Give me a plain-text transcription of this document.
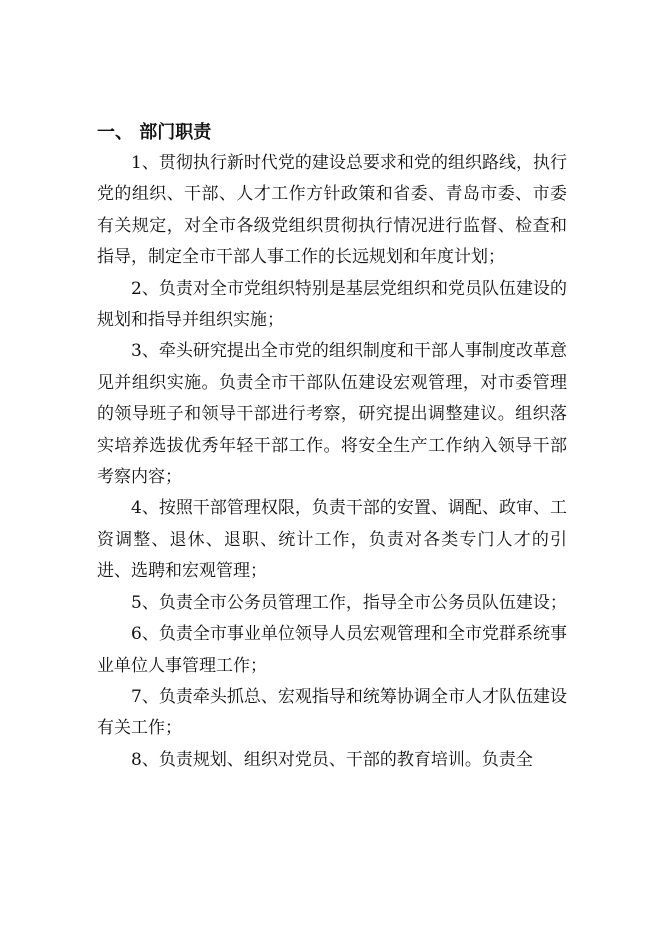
一、 部门职责

1、贯彻执行新时代党的建设总要求和党的组织路线，执行党的组织、干部、人才工作方针政策和省委、青岛市委、市委有关规定，对全市各级党组织贯彻执行情况进行监督、检查和指导，制定全市干部人事工作的长远规划和年度计划；

2、负责对全市党组织特别是基层党组织和党员队伍建设的规划和指导并组织实施；

3、牵头研究提出全市党的组织制度和干部人事制度改革意见并组织实施。负责全市干部队伍建设宏观管理，对市委管理的领导班子和领导干部进行考察，研究提出调整建议。组织落实培养选拔优秀年轻干部工作。将安全生产工作纳入领导干部考察内容；

4、按照干部管理权限，负责干部的安置、调配、政审、工资调整、退休、退职、统计工作，负责对各类专门人才的引进、选聘和宏观管理；

5、负责全市公务员管理工作，指导全市公务员队伍建设；

6、负责全市事业单位领导人员宏观管理和全市党群系统事业单位人事管理工作；

7、负责牵头抓总、宏观指导和统筹协调全市人才队伍建设有关工作；

8、负责规划、组织对党员、干部的教育培训。负责全
